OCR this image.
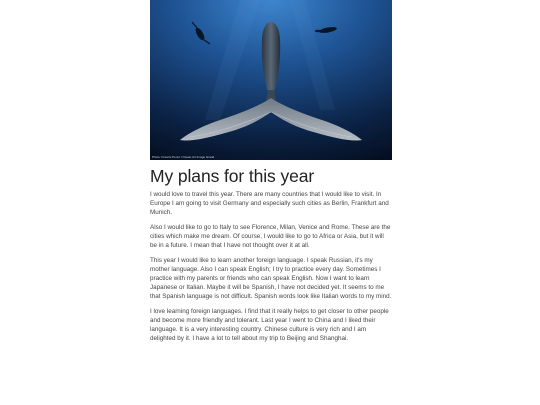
Photo: Francis Perez / Ocean Art Image Grand
My plans for this year

I would love to travel this year. There are many countries that I would like to visit. In Europe I am going to visit Germany and especially such cities as Berlin, Frankfurt and Munich.

Also I would like to go to Italy to see Florence, Milan, Venice and Rome. These are the cities which make me dream. Of course, I would like to go to Africa or Asia, but it will be in a future. I mean that I have not thought over it at all.

This year I would like to learn another foreign language. I speak Russian, it's my mother language. Also I can speak English; I try to practice every day. Sometimes I practice with my parents or friends who can speak English. Now I want to learn Japanese or Italian. Maybe it will be Spanish, I have not decided yet. It seems to me that Spanish language is not difficult. Spanish words look like Italian words to my mind.

I love learning foreign languages. I find that it really helps to get closer to other people and become more friendly and tolerant. Last year I went to China and I liked their language. It is a very interesting country. Chinese culture is very rich and I am delighted by it. I have a lot to tell about my trip to Beijing and Shanghai.
